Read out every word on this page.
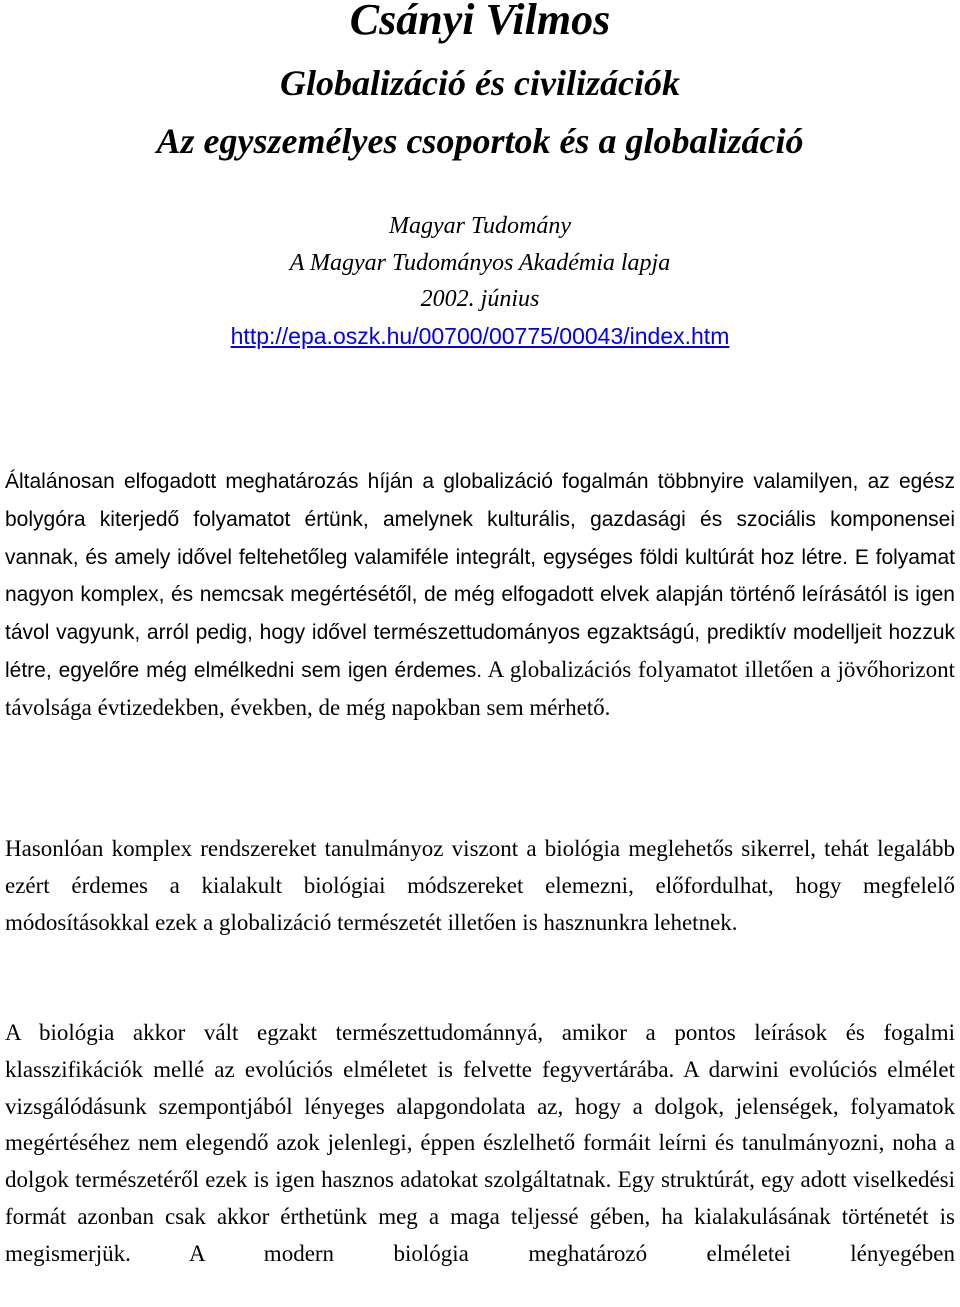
Csányi Vilmos
Globalizáció és civilizációk
Az egyszemélyes csoportok és a globalizáció
Magyar Tudomány
A Magyar Tudományos Akadémia lapja
2002. június
http://epa.oszk.hu/00700/00775/00043/index.htm
Általánosan elfogadott meghatározás híján a globalizáció fogalmán többnyire valamilyen, az egész bolygóra kiterjedő folyamatot értünk, amelynek kulturális, gazdasági és szociális komponensei vannak, és amely idővel feltehetőleg valamiféle integrált, egységes földi kultúrát hoz létre. E folyamat nagyon komplex, és nemcsak megértésétől, de még elfogadott elvek alapján történő leírásától is igen távol vagyunk, arról pedig, hogy idővel természettudományos egzaktságú, prediktív modelljeit hozzuk létre, egyelőre még elmélkedni sem igen érdemes. A globalizációs folyamatot illetően a jövőhorizont távolsága évtizedekben, években, de még napokban sem mérhető.
Hasonlóan komplex rendszereket tanulmányoz viszont a biológia meglehetős sikerrel, tehát legalább ezért érdemes a kialakult biológiai módszereket elemezni, előfordulhat, hogy megfelelő módosításokkal ezek a globalizáció természetét illetően is hasznunkra lehetnek.
A biológia akkor vált egzakt természettudománnyá, amikor a pontos leírások és fogalmi klasszifikációk mellé az evolúciós elméletet is felvette fegyvertárába. A darwini evolúciós elmélet vizsgálódásunk szempontjából lényeges alapgondolata az, hogy a dolgok, jelenségek, folyamatok megértéséhez nem elegendő azok jelenlegi, éppen észlelhető formáit leírni és tanulmányozni, noha a dolgok természetéről ezek is igen hasznos adatokat szolgáltatnak. Egy struktúrát, egy adott viselkedési formát azonban csak akkor érthetünk meg a maga teljessé gében, ha kialakulásának történetét is megismerjük. A modern biológia meghatározó elméletei lényegében
